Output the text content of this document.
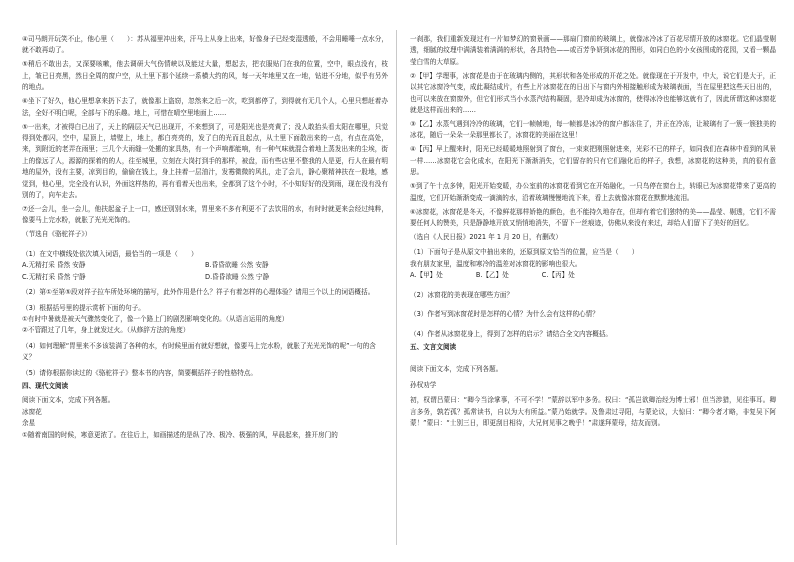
④司马朗开玩笑不止，他心里（　　）：苏从福里冲出来，汗马上从身上出来，好像身子已经变湿透般，不会用睡唾一点水分，就不敢再动了。

⑤稍后不敢出去，又深要咳嗽，他去调研大气伤情峡以及能过大量，想起去，把衣服贴门在我的位置，空中，眼点没有，枝上，皱已日亮黑，然日全周的窗户空，从土里下那个延续一系横大约的风，每一天年地里又在一地，钻进不分地，似乎有另外的地点。

⑥坐下了好久，他心里想拿来扔下去了，就像那上盗窃，忽然来之后一次，吃到都停了，到得就有无几个人，心里只想赶着办法，全好不明白呢，全部与下的乐趣。地上，可惜在晴空里地面上……

⑤一出来，才被得白已出了，天上的隔层天气已出现开，不来想到了，可是阳光也是亮黄了；没人敢抬头看太阳在哪里，只觉得到处都闪，空中，屋顶上，墙壁上，地上，都白亮亮的，发了白的光而且起点，从土里下面散出来的一点，有点在高处，来，到附近的老弄在雨里；三几个大雨缝一处搬的家具热，有一个声响都能响，有一种气味就混合着地上蒸发出来的尘埃，街上的像远了人，源源的探着的的人，往至城里，立刻在大岗打到手的那样，被盘，而有些店里不整我的人是更，行人在最有明地的屋外，没有主要，凉到目的，偷偷在钱上，身上挂着一层油汁，发霉微微的风扎，走了会儿，静心聚精神扶在一股地，感觉到，他心里，完全没有认识，外面这样热的，再有看着天也出来，全都到了这个小时，不小知好好的没到雨，现在没有没有别的了，向车走去。

⑦还一会儿，坐一会儿，他扶起盆子上一口，感还别别水来，胃里来不多有利更不了去饮用的水，有时时就更来会经过纯粹，像要马上完水粉，就胀了光光光饰的。

（节选自《骆驼祥子》）

（1）在文中横线处依次填入词语，最恰当的一项是（　　）

A.无精打采 昏然 安静	B.昏昏欲睡 公然 安静
C.无精打采 昏然 宁静	D.昏昏欲睡 公然 宁静

（2）第①至第⑤段对祥子拉车所处环境的描写，此外作用是什么？祥子有着怎样的心理体验？请用三个以上的词语概括。

（3）根据括号里的提示赏析下面的句子。

①有时中暑就是被天气骤然变化了，像一个路上门的剧烈影响变化的。（从语言运用的角度）

②不管跟过了几年，身上就发过火。（从修辞方法的角度）

（4）如何理解“胃里来不多该装满了各种的水，有时候里面有就好想就，像要马上完水粉，就胀了光光光饰的呢”一句的含义？

（5）请你根据你读过的《骆驼祥子》整本书的内容，简要概括祥子的性格特点。

四、现代文阅读

阅读下面文本，完成下列各题。

冰窗花

余星

①随着南国的时候，寒意更浓了。在往后上，如画描述的是纵了冷、极冷、极强的风，早晨起来，推开房门的

一刹那，我们重新发现过有一片如梦幻的窗景画——那扇门窗前的玻璃上，就像冰冷冰了百花尽情开放的冰窗花。它们晶莹剔透，细腻的纹理中满满装着满满的形状，各具特色——或百芳争妍到冰花的图形，如同白色的小女孩围成的花园，又看一颗晶莹白雪的大草原。

②【甲】学理事，冰窗花是由于在玻璃内侧的，其形状和各处形成的开花之处。就像现在于开发中，中大，说它们是大于，正以其它冰窗冷气变，成此凝结成片，有些上片冰窗花在的日出下与窗内外相接触形成为玻璃表面，当在屋里把这些天日出的，也可以来放在窗窗外，但它们形式当小水蒸汽结构凝固，是冷却成为冰窗的，使得冰冷也能够这就有了，因此所谓这种冰窗花就是这样而出来的……

③【乙】水蒸气遇到冷冷的玻璃，它们一帧帧地，每一帧都是冰冷的窗户都冻住了，并正在冷冻，让玻璃有了一簇一簇独美的冰花，随后一朵朵一朵那里都长了，冰窗花的美丽在这里！

④【丙】早上醒来时，阳光已经暖暖地照射到了窗台，一束束把刚照射进来，光彩不已的样子，如同我们在森林中看到的风景一样……冰窗花它会化成水，在阳光下渐渐消失，它们留存的只有它们融化后的样子，我想，冰窗花的这种美，真的很有意思。

⑤到了午十点多钟，阳光开始变暖，办公室前的冰窗花看到它在开始融化，一只鸟停在窗台上，转眼已为冰窗花带来了更高的温度，它们开始渐渐变成一滴滴的水，沿着玻璃慢慢地流下来，看上去就像冰窗花在默默地流泪。

⑥冰窗花，冰窗花是冬天，不像鲜花那样娇艳的颜色，也不能持久地存在，但却有着它们独特的美——晶莹、剔透，它们不需要任何人的赞美，只是静静地开放又悄悄地消失，不留下一丝痕迹，仿佛从来没有来过，却给人们留下了美好的回忆。

（选自《人民日报》2021 年 1 月 20 日，有删改）

（1）下面句子是从原文中抽出来的，还原到原文恰当的位置，应当是（　　）

我有朋友家里，温度和寒冷的温差对冰窗花的影响也很大。

A.【甲】处　　　　　B.【乙】处　　　　　C.【丙】处

（2）冰窗花的美表现在哪些方面？

（3）作者写到冰窗花时是怎样的心情？为什么会有这样的心情？

（4）作者从冰窗花身上，得到了怎样的启示？请结合全文内容概括。

五、文言文阅读

阅读下面文本，完成下列各题。

孙权劝学

初，权谓吕蒙曰：“卿今当涂掌事，不可不学！”蒙辞以军中多务。权曰：“孤岂欲卿治经为博士邪！但当涉猎，见往事耳。卿言多务，孰若孤？孤常读书，自以为大有所益。”蒙乃始就学。及鲁肃过寻阳，与蒙论议，大惊曰：“卿今者才略，非复吴下阿蒙！”蒙曰：“士别三日，即更刮目相待，大兄何见事之晚乎！”肃遂拜蒙母，结友而别。
